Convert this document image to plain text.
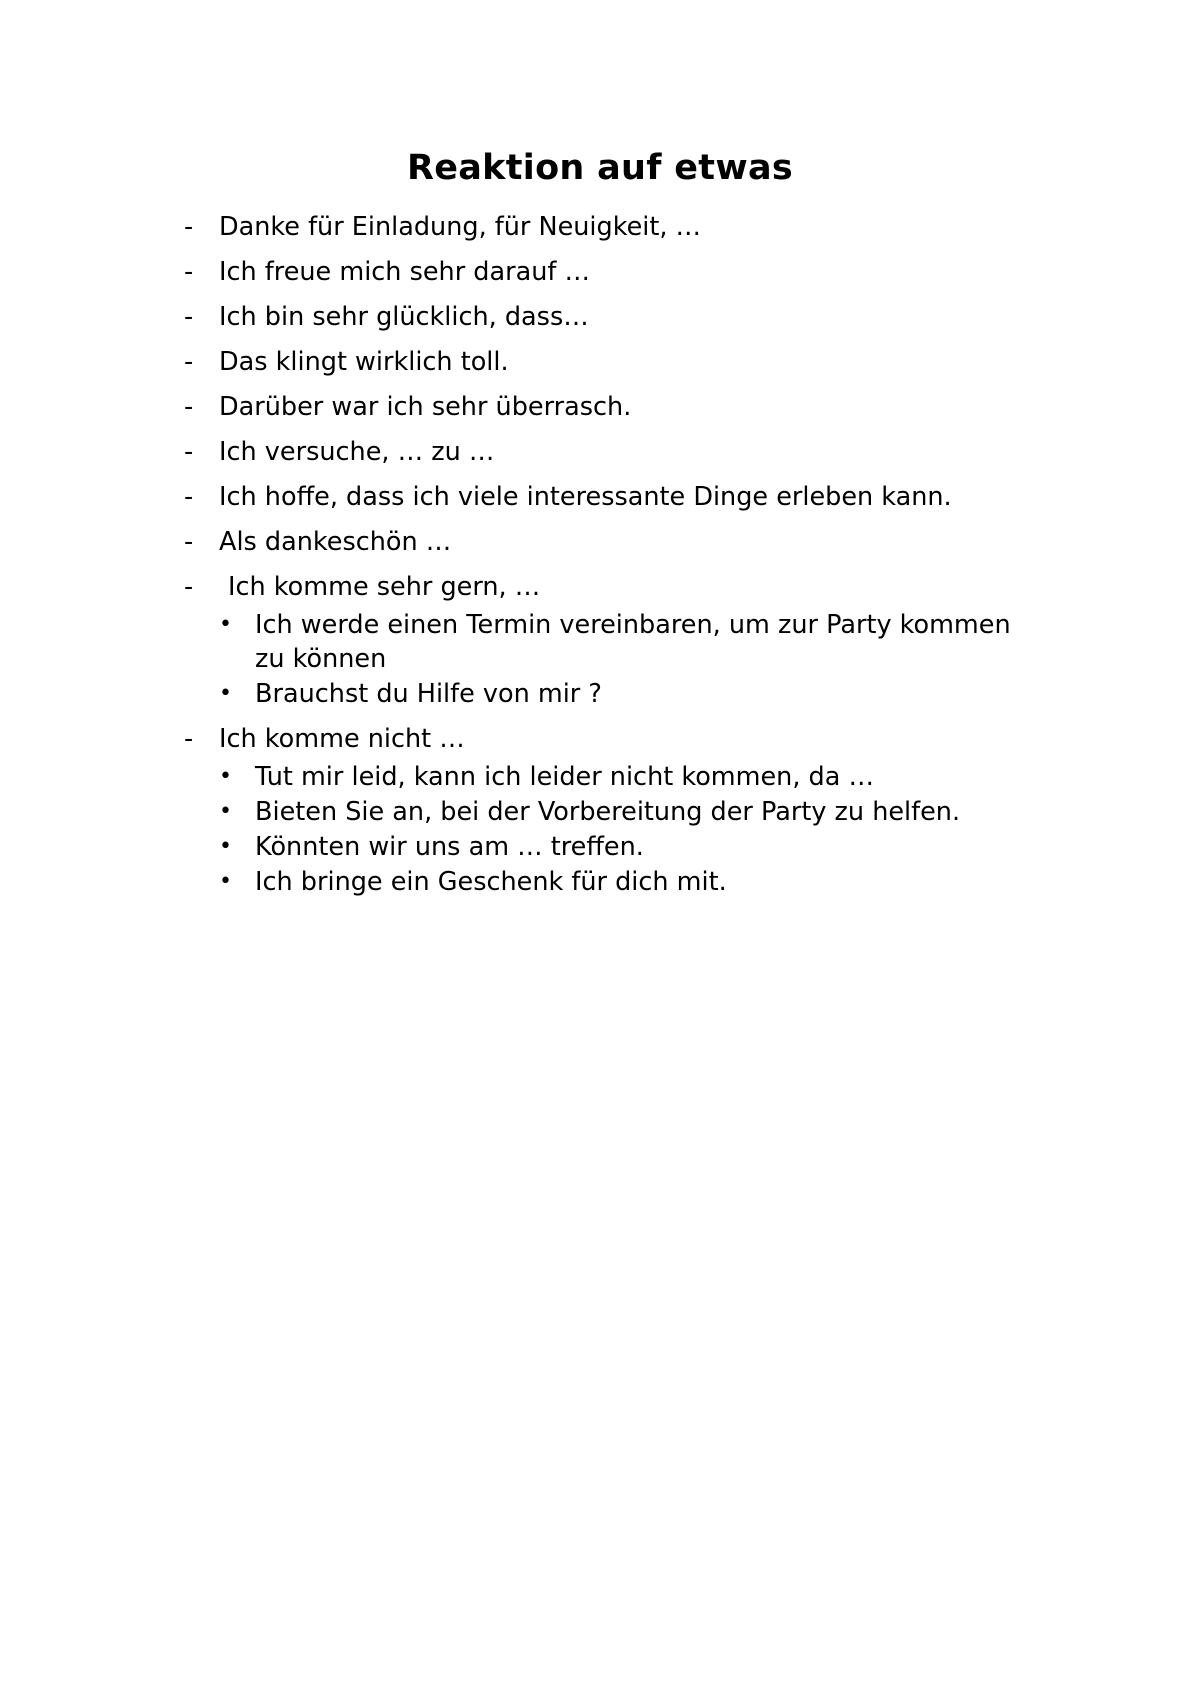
Reaktion auf etwas
- Danke für Einladung, für Neuigkeit, …
- Ich freue mich sehr darauf …
- Ich bin sehr glücklich, dass…
- Das klingt wirklich toll.
- Darüber war ich sehr überrasch.
- Ich versuche, … zu …
- Ich hoffe, dass ich viele interessante Dinge erleben kann.
- Als dankeschön …
- Ich komme sehr gern, …
• Ich werde einen Termin vereinbaren, um zur Party kommen zu können
• Brauchst du Hilfe von mir ?
- Ich komme nicht …
• Tut mir leid, kann ich leider nicht kommen, da …
• Bieten Sie an, bei der Vorbereitung der Party zu helfen.
• Könnten wir uns am … treffen.
• Ich bringe ein Geschenk für dich mit.
